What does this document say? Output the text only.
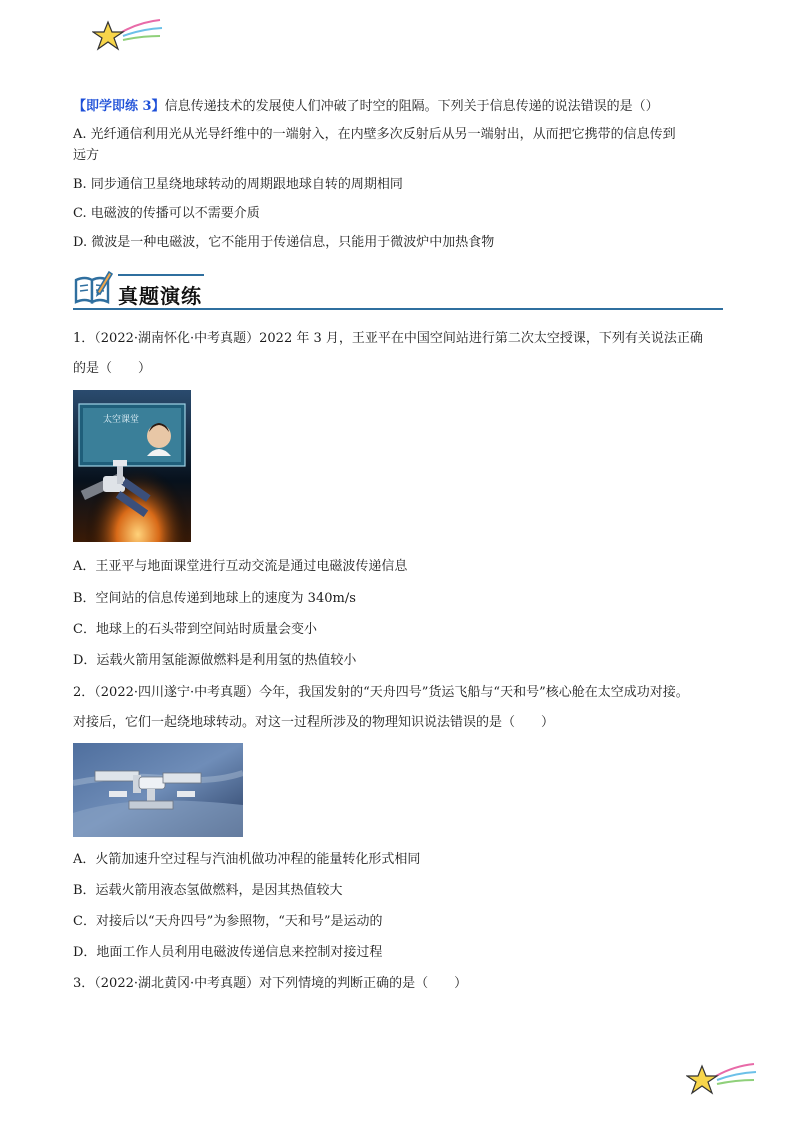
【即学即练 3】信息传递技术的发展使人们冲破了时空的阻隔。下列关于信息传递的说法错误的是（）
A. 光纤通信利用光从光导纤维中的一端射入，在内壁多次反射后从另一端射出，从而把它携带的信息传到
远方
B. 同步通信卫星绕地球转动的周期跟地球自转的周期相同
C. 电磁波的传播可以不需要介质
D. 微波是一种电磁波，它不能用于传递信息，只能用于微波炉中加热食物
真题演练
1．（2022·湖南怀化·中考真题）2022 年 3 月，王亚平在中国空间站进行第二次太空授课，下列有关说法正确
的是（　　）
太空课堂
A．王亚平与地面课堂进行互动交流是通过电磁波传递信息
B．空间站的信息传递到地球上的速度为 340m/s
C．地球上的石头带到空间站时质量会变小
D．运载火箭用氢能源做燃料是利用氢的热值较小
2．（2022·四川遂宁·中考真题）今年，我国发射的“天舟四号”货运飞船与“天和号”核心舱在太空成功对接。
对接后，它们一起绕地球转动。对这一过程所涉及的物理知识说法错误的是（　　）
A．火箭加速升空过程与汽油机做功冲程的能量转化形式相同
B．运载火箭用液态氢做燃料，是因其热值较大
C．对接后以“天舟四号”为参照物，“天和号”是运动的
D．地面工作人员利用电磁波传递信息来控制对接过程
3．（2022·湖北黄冈·中考真题）对下列情境的判断正确的是（　　）
